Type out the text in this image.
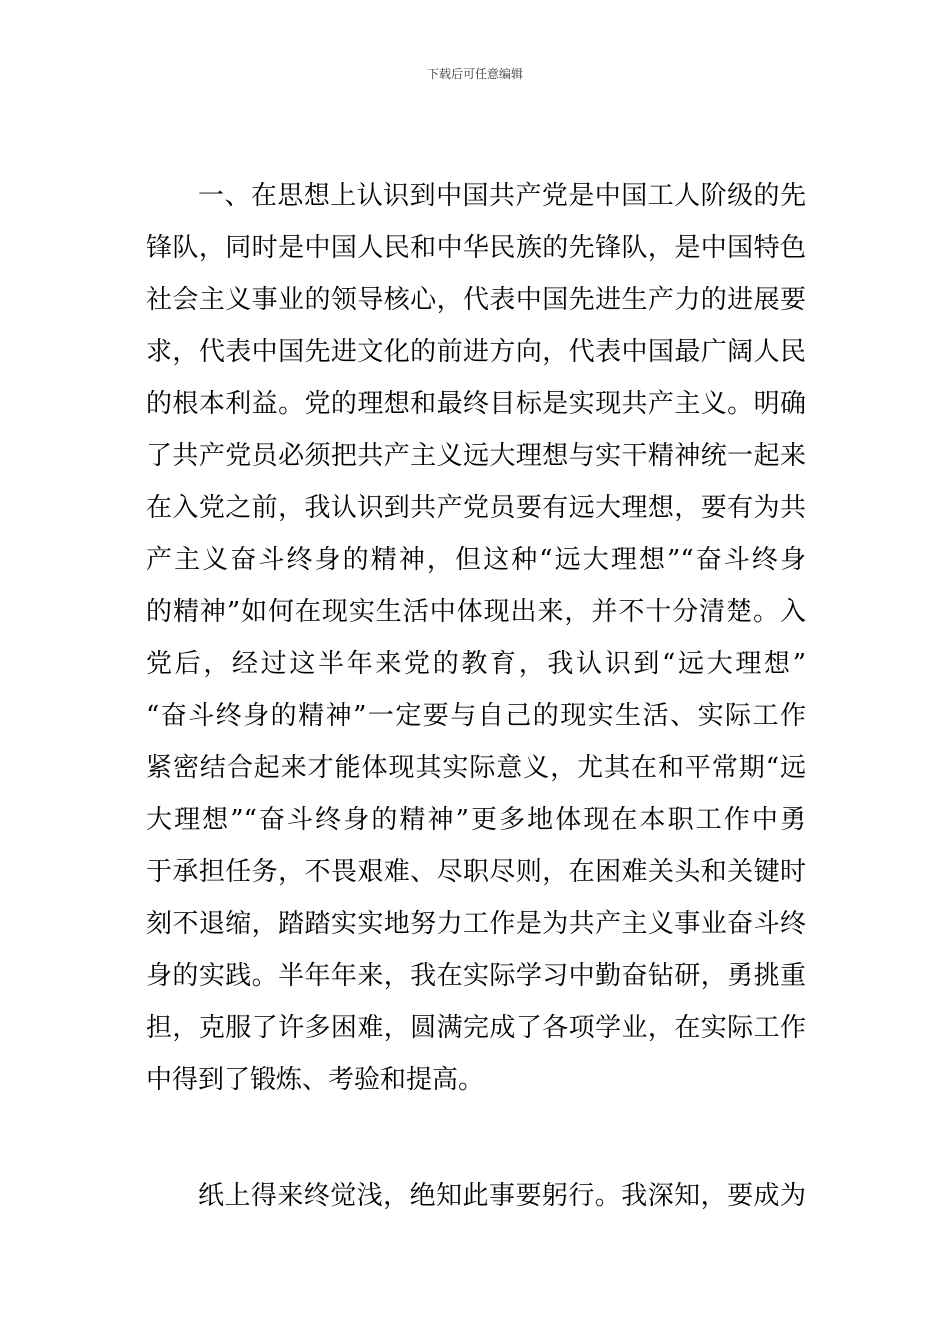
下载后可任意编辑
一、在思想上认识到中国共产党是中国工人阶级的先
锋队，同时是中国人民和中华民族的先锋队，是中国特色
社会主义事业的领导核心，代表中国先进生产力的进展要
求，代表中国先进文化的前进方向，代表中国最广阔人民
的根本利益。党的理想和最终目标是实现共产主义。明确
了共产党员必须把共产主义远大理想与实干精神统一起来
在入党之前，我认识到共产党员要有远大理想，要有为共
产主义奋斗终身的精神，但这种“远大理想”“奋斗终身
的精神”如何在现实生活中体现出来，并不十分清楚。入
党后，经过这半年来党的教育，我认识到“远大理想”
“奋斗终身的精神”一定要与自己的现实生活、实际工作
紧密结合起来才能体现其实际意义，尤其在和平常期“远
大理想”“奋斗终身的精神”更多地体现在本职工作中勇
于承担任务，不畏艰难、尽职尽则，在困难关头和关键时
刻不退缩，踏踏实实地努力工作是为共产主义事业奋斗终
身的实践。半年年来，我在实际学习中勤奋钻研，勇挑重
担，克服了许多困难，圆满完成了各项学业，在实际工作
中得到了锻炼、考验和提高。
纸上得来终觉浅，绝知此事要躬行。我深知，要成为
